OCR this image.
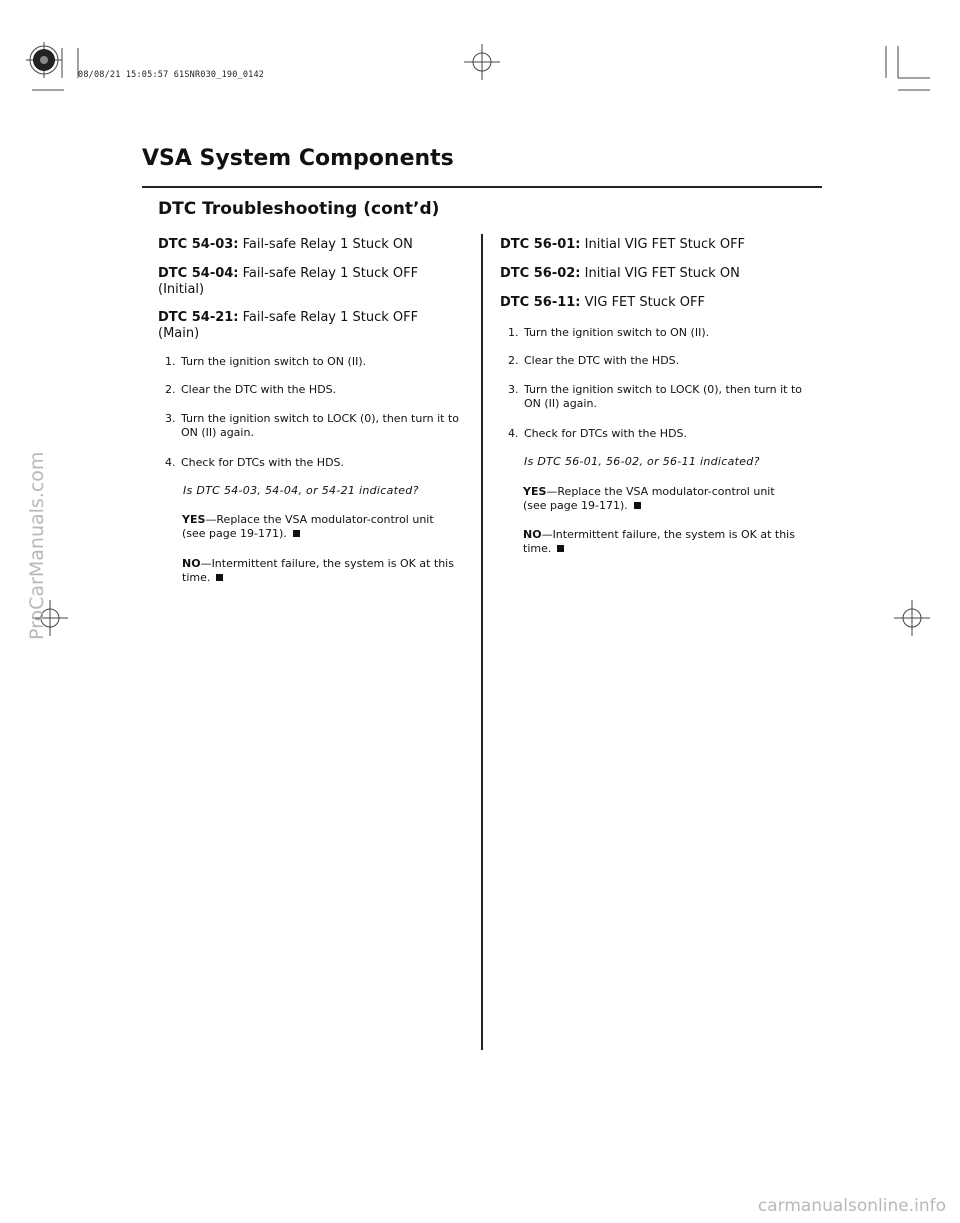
08/08/21 15:05:57 61SNR030_190_0142
VSA System Components
DTC Troubleshooting (cont’d)
DTC 54-03: Fail-safe Relay 1 Stuck ON
DTC 54-04: Fail-safe Relay 1 Stuck OFF
(Initial)
DTC 54-21: Fail-safe Relay 1 Stuck OFF
(Main)
1. Turn the ignition switch to ON (II).
2. Clear the DTC with the HDS.
3. Turn the ignition switch to LOCK (0), then turn it to
ON (II) again.
4. Check for DTCs with the HDS.
Is DTC 54-03, 54-04, or 54-21 indicated?
YES—Replace the VSA modulator-control unit
(see page 19-171).
NO—Intermittent failure, the system is OK at this
time.
DTC 56-01: Initial VIG FET Stuck OFF
DTC 56-02: Initial VIG FET Stuck ON
DTC 56-11: VIG FET Stuck OFF
1. Turn the ignition switch to ON (II).
2. Clear the DTC with the HDS.
3. Turn the ignition switch to LOCK (0), then turn it to
ON (II) again.
4. Check for DTCs with the HDS.
Is DTC 56-01, 56-02, or 56-11 indicated?
YES—Replace the VSA modulator-control unit
(see page 19-171).
NO—Intermittent failure, the system is OK at this
time.
ProCarManuals.com
carmanualsonline.info
